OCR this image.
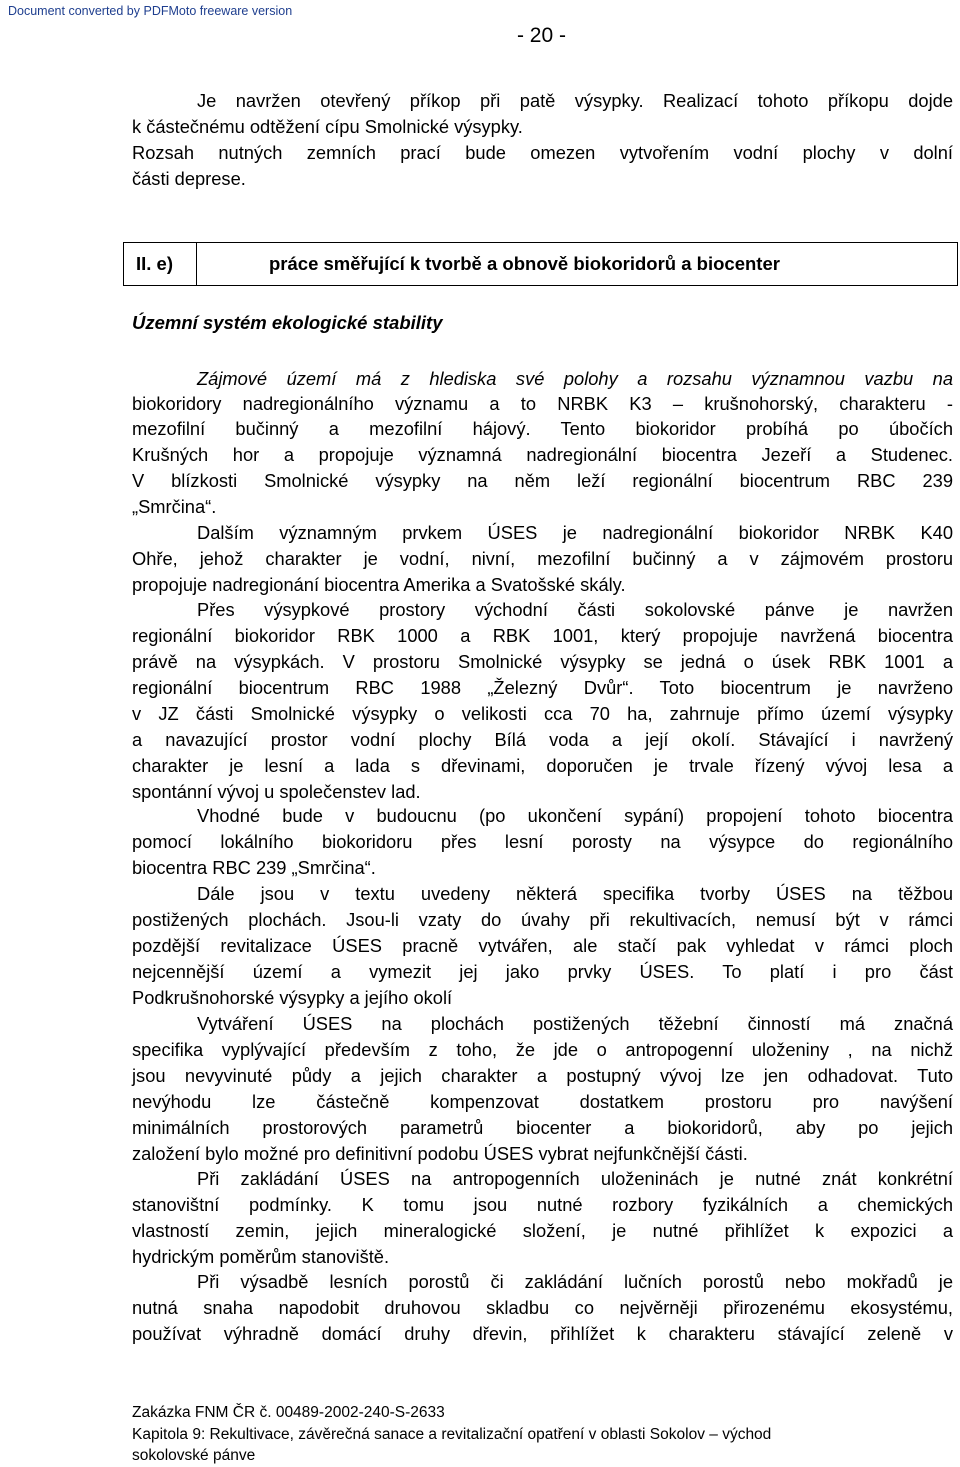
Document converted by PDFMoto freeware version
- 20 -
Je navržen otevřený příkop při patě výsypky. Realizací tohoto příkopu dojde
k částečnému odtěžení cípu Smolnické výsypky.
Rozsah nutných zemních prací bude omezen vytvořením vodní plochy v dolní
části deprese.
II. e)	práce směřující k tvorbě a obnově biokoridorů a biocenter
Územní systém ekologické stability
Zájmové území má z hlediska své polohy a rozsahu významnou vazbu na
biokoridory nadregionálního významu a to NRBK K3 – krušnohorský, charakteru -
mezofilní bučinný a mezofilní hájový. Tento biokoridor probíhá po úbočích
Krušných hor a propojuje významná nadregionální biocentra Jezeří a Studenec.
V blízkosti Smolnické výsypky na něm leží regionální biocentrum RBC 239
„Smrčina“.
Dalším významným prvkem ÚSES je nadregionální biokoridor NRBK K40
Ohře, jehož charakter je vodní, nivní, mezofilní bučinný a v zájmovém prostoru
propojuje nadregionání biocentra Amerika a Svatošské skály.
Přes výsypkové prostory východní části sokolovské pánve je navržen
regionální biokoridor RBK 1000 a RBK 1001, který propojuje navržená biocentra
právě na výsypkách. V prostoru Smolnické výsypky se jedná o úsek RBK 1001 a
regionální biocentrum RBC 1988 „Železný Dvůr“. Toto biocentrum je navrženo
v JZ části Smolnické výsypky o velikosti cca 70 ha, zahrnuje přímo území výsypky
a navazující prostor vodní plochy Bílá voda a její okolí. Stávající i navržený
charakter je lesní a lada s dřevinami, doporučen je trvale řízený vývoj lesa a
spontánní vývoj u společenstev lad.
Vhodné bude v budoucnu (po ukončení sypání) propojení tohoto biocentra
pomocí lokálního biokoridoru přes lesní porosty na výsypce do regionálního
biocentra RBC 239 „Smrčina“.
Dále jsou v textu uvedeny některá specifika tvorby ÚSES na těžbou
postižených plochách. Jsou-li vzaty do úvahy při rekultivacích, nemusí být v rámci
pozdější revitalizace ÚSES pracně vytvářen, ale stačí pak vyhledat v rámci ploch
nejcennější území a vymezit jej jako prvky ÚSES. To platí i pro část
Podkrušnohorské výsypky a jejího okolí
Vytváření ÚSES na plochách postižených těžební činností má značná
specifika vyplývající především z toho, že jde o antropogenní uloženiny , na nichž
jsou nevyvinuté půdy a jejich charakter a postupný vývoj lze jen odhadovat. Tuto
nevýhodu lze částečně kompenzovat dostatkem prostoru pro navýšení
minimálních prostorových parametrů biocenter a biokoridorů, aby po jejich
založení bylo možné pro definitivní podobu ÚSES vybrat nejfunkčnější části.
Při zakládání ÚSES na antropogenních uloženinách je nutné znát konkrétní
stanovištní podmínky. K tomu jsou nutné rozbory fyzikálních a chemických
vlastností zemin, jejich mineralogické složení, je nutné přihlížet k expozici a
hydrickým poměrům stanoviště.
Při výsadbě lesních porostů či zakládání lučních porostů nebo mokřadů je
nutná snaha napodobit druhovou skladbu co nejvěrněji přirozenému ekosystému,
používat výhradně domácí druhy dřevin, přihlížet k charakteru stávající zeleně v
Zakázka FNM ČR č. 00489-2002-240-S-2633
Kapitola 9: Rekultivace, závěrečná sanace a revitalizační opatření v oblasti Sokolov – východ
sokolovské pánve
